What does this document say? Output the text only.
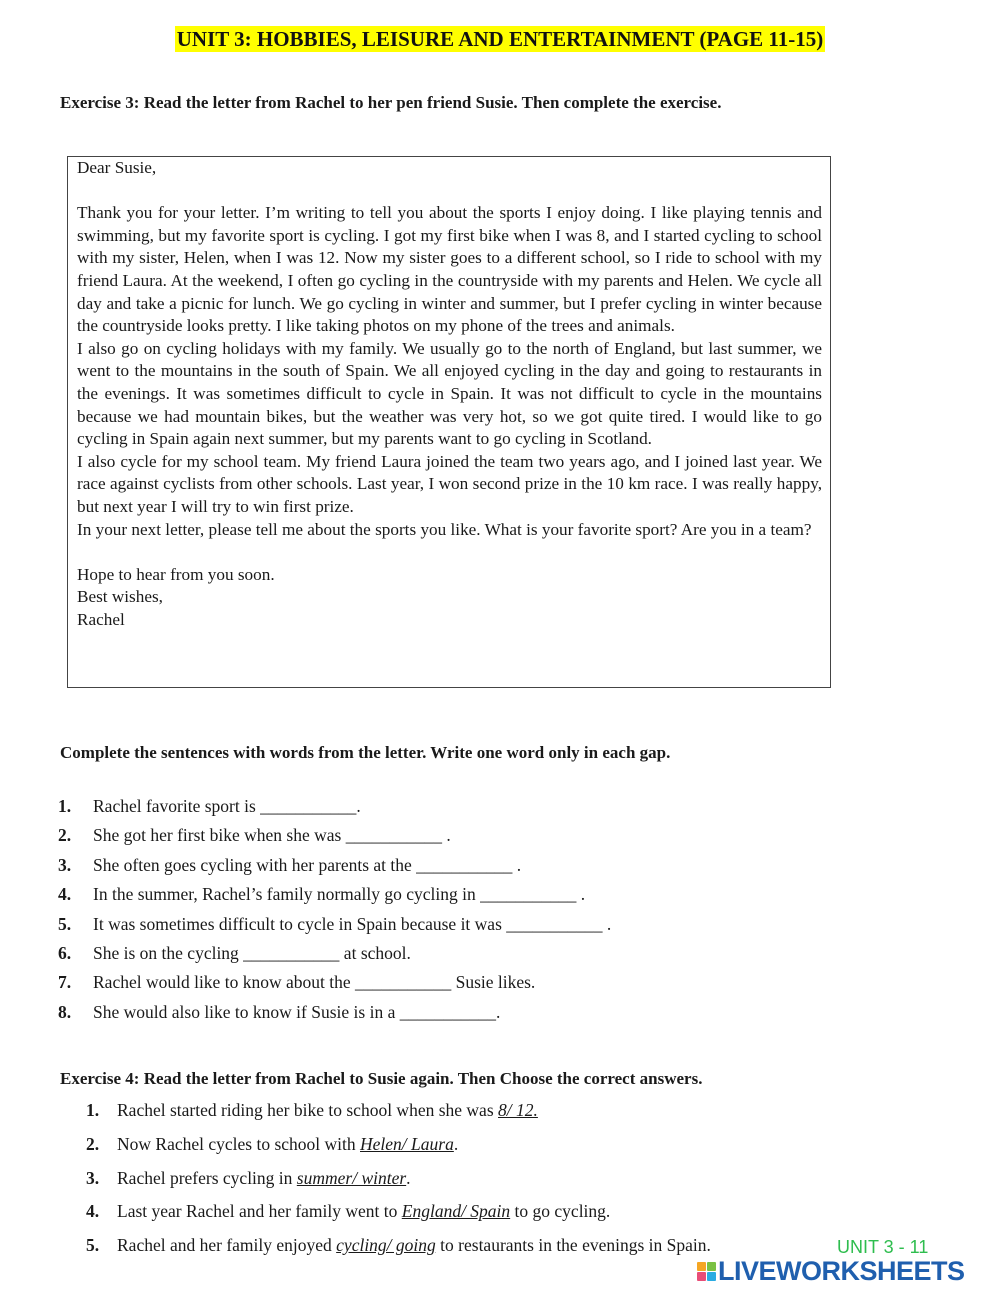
UNIT 3: HOBBIES, LEISURE AND ENTERTAINMENT (PAGE 11-15)
Exercise 3: Read the letter from Rachel to her pen friend Susie. Then complete the exercise.

Dear Susie,

Thank you for your letter. I’m writing to tell you about the sports I enjoy doing. I like playing tennis and swimming, but my favorite sport is cycling. I got my first bike when I was 8, and I started cycling to school with my sister, Helen, when I was 12. Now my sister goes to a different school, so I ride to school with my friend Laura. At the weekend, I often go cycling in the countryside with my parents and Helen. We cycle all day and take a picnic for lunch. We go cycling in winter and summer, but I prefer cycling in winter because the countryside looks pretty. I like taking photos on my phone of the trees and animals.

I also go on cycling holidays with my family. We usually go to the north of England, but last summer, we went to the mountains in the south of Spain. We all enjoyed cycling in the day and going to restaurants in the evenings. It was sometimes difficult to cycle in Spain. It was not difficult to cycle in the mountains because we had mountain bikes, but the weather was very hot, so we got quite tired. I would like to go cycling in Spain again next summer, but my parents want to go cycling in Scotland.

I also cycle for my school team. My friend Laura joined the team two years ago, and I joined last year. We race against cyclists from other schools. Last year, I won second prize in the 10 km race. I was really happy, but next year I will try to win first prize.

In your next letter, please tell me about the sports you like. What is your favorite sport? Are you in a team?

Hope to hear from you soon.

Best wishes,

Rachel

Complete the sentences with words from the letter. Write one word only in each gap.
1. Rachel favorite sport is ___________.
2. She got her first bike when she was ___________ .
3. She often goes cycling with her parents at the ___________ .
4. In the summer, Rachel’s family normally go cycling in ___________ .
5. It was sometimes difficult to cycle in Spain because it was ___________ .
6. She is on the cycling ___________ at school.
7. Rachel would like to know about the ___________ Susie likes.
8. She would also like to know if Susie is in a ___________.
Exercise 4: Read the letter from Rachel to Susie again. Then Choose the correct answers.
1. Rachel started riding her bike to school when she was 8/ 12.
2. Now Rachel cycles to school with Helen/ Laura.
3. Rachel prefers cycling in summer/ winter.
4. Last year Rachel and her family went to England/ Spain to go cycling.
5. Rachel and her family enjoyed cycling/ going to restaurants in the evenings in Spain.	UNIT 3 - 11
LIVEWORKSHEETS
